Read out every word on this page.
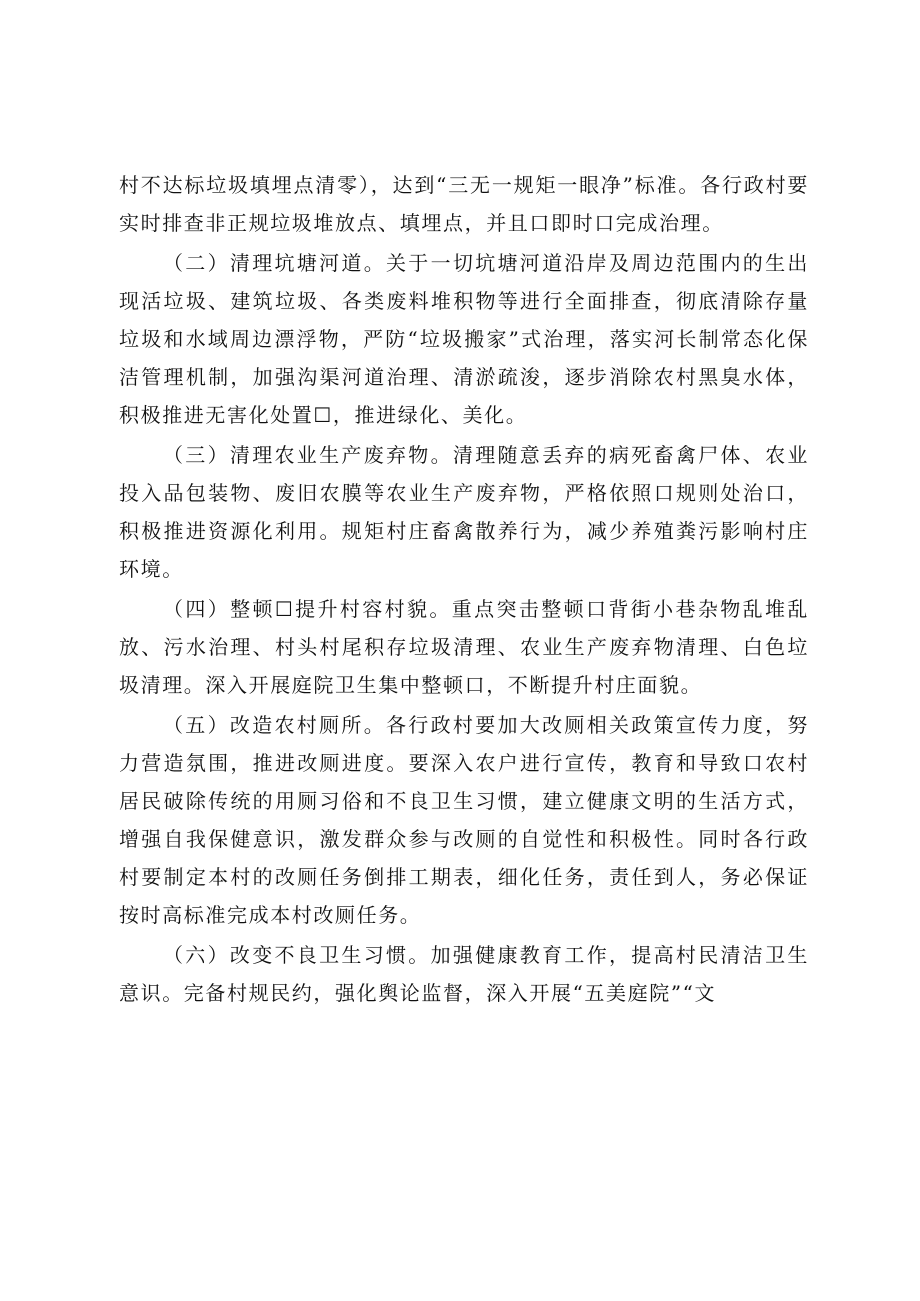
村不达标垃圾填埋点清零），达到“三无一规矩一眼净”标准。各行政村要实时排查非正规垃圾堆放点、填埋点，并且口即时口完成治理。

（二）清理坑塘河道。关于一切坑塘河道沿岸及周边范围内的生出现活垃圾、建筑垃圾、各类废料堆积物等进行全面排查，彻底清除存量垃圾和水域周边漂浮物，严防“垃圾搬家”式治理，落实河长制常态化保洁管理机制，加强沟渠河道治理、清淤疏浚，逐步消除农村黑臭水体，积极推进无害化处置☐，推进绿化、美化。

（三）清理农业生产废弃物。清理随意丢弃的病死畜禽尸体、农业投入品包装物、废旧农膜等农业生产废弃物，严格依照口规则处治口，积极推进资源化利用。规矩村庄畜禽散养行为，减少养殖粪污影响村庄环境。

（四）整顿☐提升村容村貌。重点突击整顿口背街小巷杂物乱堆乱放、污水治理、村头村尾积存垃圾清理、农业生产废弃物清理、白色垃圾清理。深入开展庭院卫生集中整顿口，不断提升村庄面貌。

（五）改造农村厕所。各行政村要加大改厕相关政策宣传力度，努力营造氛围，推进改厕进度。要深入农户进行宣传，教育和导致口农村居民破除传统的用厕习俗和不良卫生习惯，建立健康文明的生活方式，增强自我保健意识，激发群众参与改厕的自觉性和积极性。同时各行政村要制定本村的改厕任务倒排工期表，细化任务，责任到人，务必保证按时高标准完成本村改厕任务。

（六）改变不良卫生习惯。加强健康教育工作，提高村民清洁卫生意识。完备村规民约，强化舆论监督，深入开展“五美庭院”“文
